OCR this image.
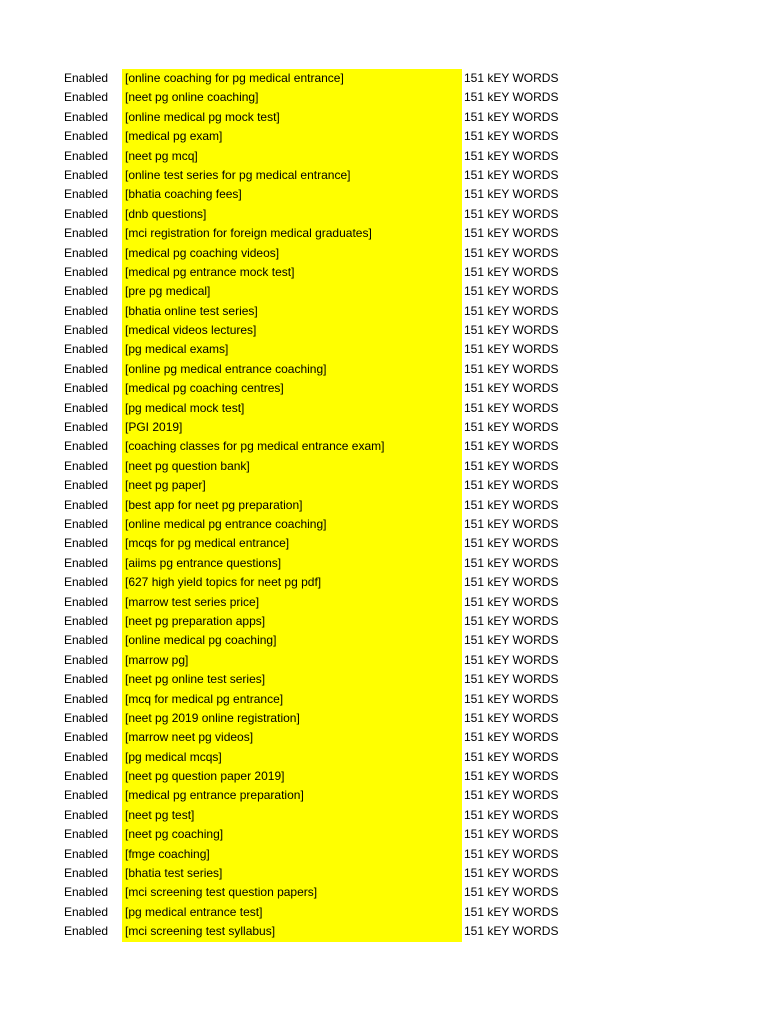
Enabled [online coaching for pg medical entrance]	151 kEY WORDS
Enabled [neet pg online coaching]	151 kEY WORDS
Enabled [online medical pg mock test]	151 kEY WORDS
Enabled [medical pg exam]	151 kEY WORDS
Enabled [neet pg mcq]	151 kEY WORDS
Enabled [online test series for pg medical entrance]	151 kEY WORDS
Enabled [bhatia coaching fees]	151 kEY WORDS
Enabled [dnb questions]	151 kEY WORDS
Enabled [mci registration for foreign medical graduates]	151 kEY WORDS
Enabled [medical pg coaching videos]	151 kEY WORDS
Enabled [medical pg entrance mock test]	151 kEY WORDS
Enabled [pre pg medical]	151 kEY WORDS
Enabled [bhatia online test series]	151 kEY WORDS
Enabled [medical videos lectures]	151 kEY WORDS
Enabled [pg medical exams]	151 kEY WORDS
Enabled [online pg medical entrance coaching]	151 kEY WORDS
Enabled [medical pg coaching centres]	151 kEY WORDS
Enabled [pg medical mock test]	151 kEY WORDS
Enabled [PGI 2019]	151 kEY WORDS
Enabled [coaching classes for pg medical entrance exam]	151 kEY WORDS
Enabled [neet pg question bank]	151 kEY WORDS
Enabled [neet pg paper]	151 kEY WORDS
Enabled [best app for neet pg preparation]	151 kEY WORDS
Enabled [online medical pg entrance coaching]	151 kEY WORDS
Enabled [mcqs for pg medical entrance]	151 kEY WORDS
Enabled [aiims pg entrance questions]	151 kEY WORDS
Enabled [627 high yield topics for neet pg pdf]	151 kEY WORDS
Enabled [marrow test series price]	151 kEY WORDS
Enabled [neet pg preparation apps]	151 kEY WORDS
Enabled [online medical pg coaching]	151 kEY WORDS
Enabled [marrow pg]	151 kEY WORDS
Enabled [neet pg online test series]	151 kEY WORDS
Enabled [mcq for medical pg entrance]	151 kEY WORDS
Enabled [neet pg 2019 online registration]	151 kEY WORDS
Enabled [marrow neet pg videos]	151 kEY WORDS
Enabled [pg medical mcqs]	151 kEY WORDS
Enabled [neet pg question paper 2019]	151 kEY WORDS
Enabled [medical pg entrance preparation]	151 kEY WORDS
Enabled [neet pg test]	151 kEY WORDS
Enabled [neet pg coaching]	151 kEY WORDS
Enabled [fmge coaching]	151 kEY WORDS
Enabled [bhatia test series]	151 kEY WORDS
Enabled [mci screening test question papers]	151 kEY WORDS
Enabled [pg medical entrance test]	151 kEY WORDS
Enabled [mci screening test syllabus]	151 kEY WORDS
